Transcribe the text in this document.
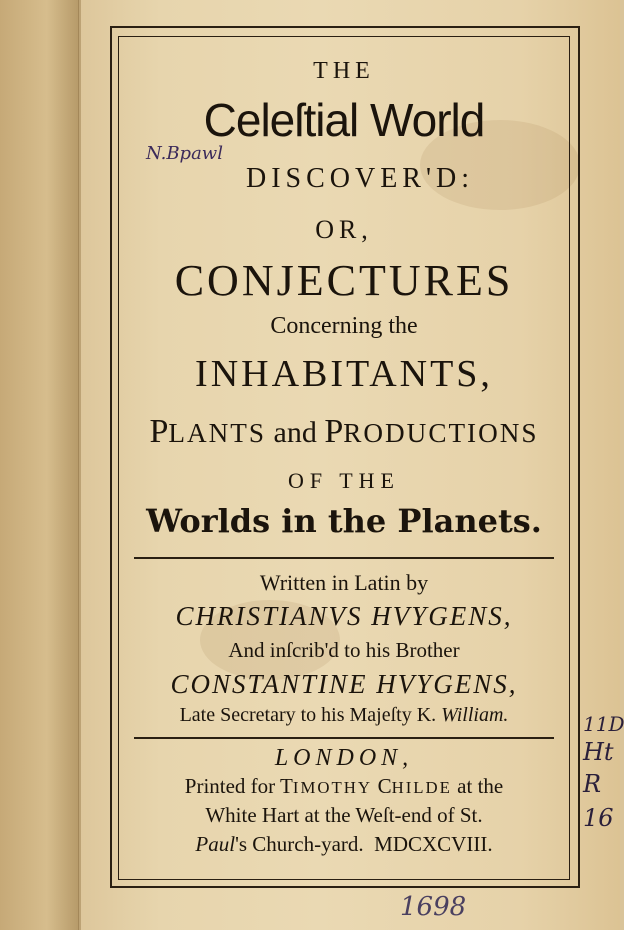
THE
Celeſtial World
DISCOVER'D:
OR,
CONJECTURES
Concerning the
INHABITANTS,
PLANTS and PRODUCTIONS
OF THE
Worlds in the Planets.
Written in Latin by
CHRISTIANVS HVYGENS,
And inſcrib'd to his Brother
CONSTANTINE HVYGENS,
Late Secretary to his Majeſty K. William.
LONDON,
Printed for TIMOTHY CHILDE at the
White Hart at the Weſt-end of St.
Paul's Church-yard.  MDCXCVIII.
N.Bpawl
1698
11D
Ht
R
16
